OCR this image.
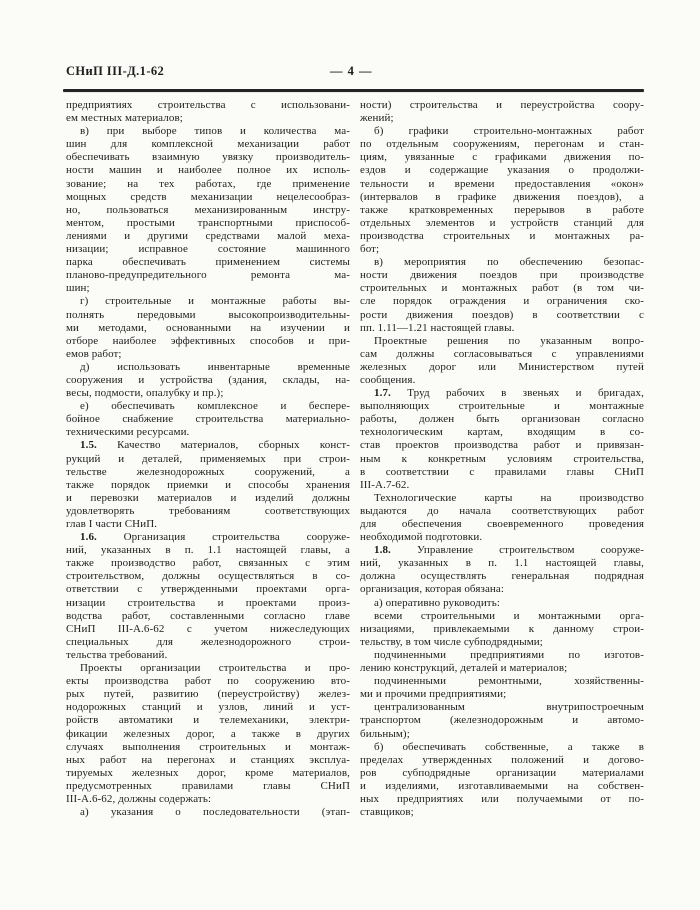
СНиП III-Д.1-62	— 4 —
предприятиях строительства с использовани-
ем местных материалов;
в) при выборе типов и количества ма-
шин для комплексной механизации работ
обеспечивать взаимную увязку производитель-
ности машин и наиболее полное их исполь-
зование; на тех работах, где применение
мощных средств механизации нецелесообраз-
но, пользоваться механизированным инстру-
ментом, простыми транспортными приспособ-
лениями и другими средствами малой меха-
низации; исправное состояние машинного
парка обеспечивать применением системы
планово-предупредительного ремонта ма-
шин;
г) строительные и монтажные работы вы-
полнять передовыми высокопроизводительны-
ми методами, основанными на изучении и
отборе наиболее эффективных способов и при-
емов работ;
д) использовать инвентарные временные
сооружения и устройства (здания, склады, на-
весы, подмости, опалубку и пр.);
е) обеспечивать комплексное и беспере-
бойное снабжение строительства материально-
техническими ресурсами.
1.5. Качество материалов, сборных конст-
рукций и деталей, применяемых при строи-
тельстве железнодорожных сооружений, а
также порядок приемки и способы хранения
и перевозки материалов и изделий должны
удовлетворять требованиям соответствующих
глав I части СНиП.
1.6. Организация строительства сооруже-
ний, указанных в п. 1.1 настоящей главы, а
также производство работ, связанных с этим
строительством, должны осуществляться в со-
ответствии с утвержденными проектами орга-
низации строительства и проектами произ-
водства работ, составленными согласно главе
СНиП III-А.6-62 с учетом нижеследующих
специальных для железнодорожного строи-
тельства требований.
Проекты организации строительства и про-
екты производства работ по сооружению вто-
рых путей, развитию (переустройству) желез-
нодорожных станций и узлов, линий и уст-
ройств автоматики и телемеханики, электри-
фикации железных дорог, а также в других
случаях выполнения строительных и монтаж-
ных работ на перегонах и станциях эксплуа-
тируемых железных дорог, кроме материалов,
предусмотренных правилами главы СНиП
III-А.6-62, должны содержать:
а) указания о последовательности (этап-
ности) строительства и переустройства соору-
жений;
б) графики строительно-монтажных работ
по отдельным сооружениям, перегонам и стан-
циям, увязанные с графиками движения по-
ездов и содержащие указания о продолжи-
тельности и времени предоставления «окон»
(интервалов в графике движения поездов), а
также кратковременных перерывов в работе
отдельных элементов и устройств станций для
производства строительных и монтажных ра-
бот;
в) мероприятия по обеспечению безопас-
ности движения поездов при производстве
строительных и монтажных работ (в том чи-
сле порядок ограждения и ограничения ско-
рости движения поездов) в соответствии с
пп. 1.11—1.21 настоящей главы.
Проектные решения по указанным вопро-
сам должны согласовываться с управлениями
железных дорог или Министерством путей
сообщения.
1.7. Труд рабочих в звеньях и бригадах,
выполняющих строительные и монтажные
работы, должен быть организован согласно
технологическим картам, входящим в со-
став проектов производства работ и привязан-
ным к конкретным условиям строительства,
в соответствии с правилами главы СНиП
III-А.7-62.
Технологические карты на производство
выдаются до начала соответствующих работ
для обеспечения своевременного проведения
необходимой подготовки.
1.8. Управление строительством сооруже-
ний, указанных в п. 1.1 настоящей главы,
должна осуществлять генеральная подрядная
организация, которая обязана:
а) оперативно руководить:
всеми строительными и монтажными орга-
низациями, привлекаемыми к данному строи-
тельству, в том числе субподрядными;
подчиненными предприятиями по изготов-
лению конструкций, деталей и материалов;
подчиненными ремонтными, хозяйственны-
ми и прочими предприятиями;
централизованным внутрипостроечным
транспортом (железнодорожным и автомо-
бильным);
б) обеспечивать собственные, а также в
пределах утвержденных положений и догово-
ров субподрядные организации материалами
и изделиями, изготавливаемыми на собствен-
ных предприятиях или получаемыми от по-
ставщиков;
